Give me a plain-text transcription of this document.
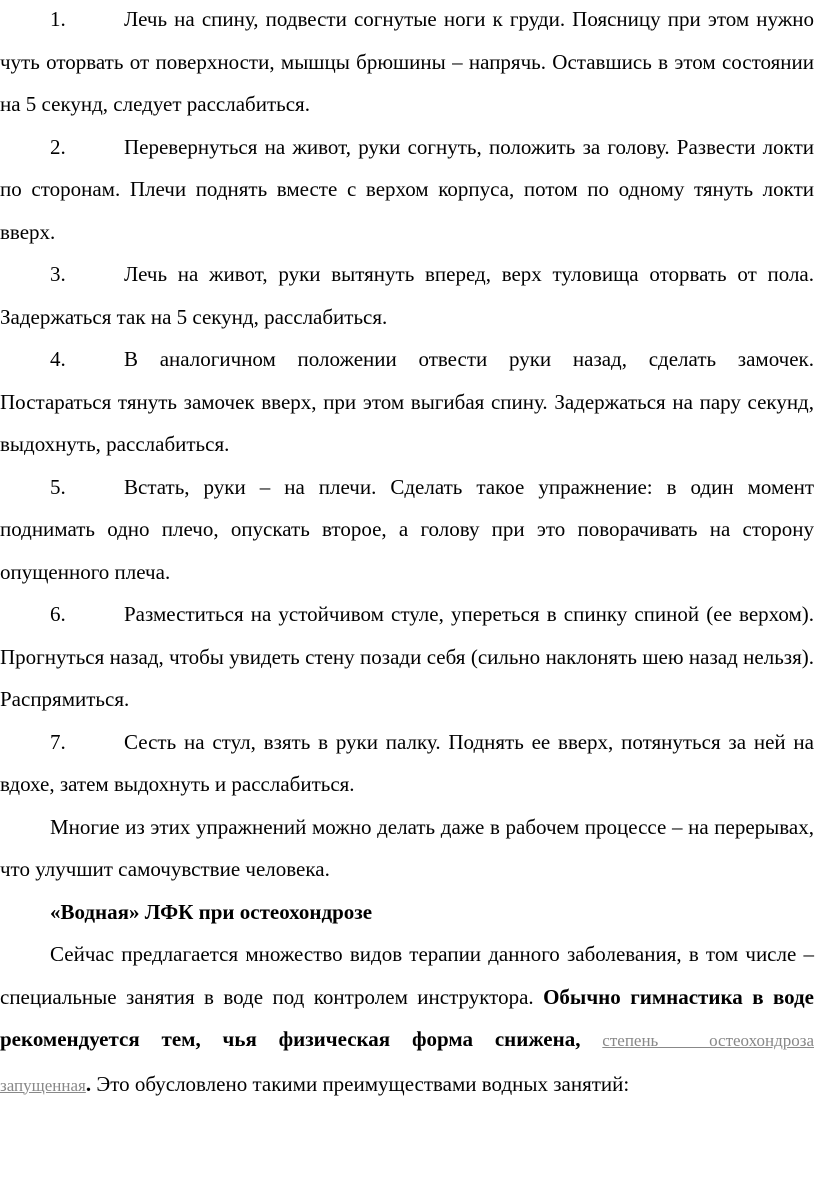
1.	Лечь на спину, подвести согнутые ноги к груди. Поясницу при этом нужно чуть оторвать от поверхности, мышцы брюшины – напрячь. Оставшись в этом состоянии на 5 секунд, следует расслабиться.

2.	Перевернуться на живот, руки согнуть, положить за голову. Развести локти по сторонам. Плечи поднять вместе с верхом корпуса, потом по одному тянуть локти вверх.

3.	Лечь на живот, руки вытянуть вперед, верх туловища оторвать от пола. Задержаться так на 5 секунд, расслабиться.

4.	В аналогичном положении отвести руки назад, сделать замочек. Постараться тянуть замочек вверх, при этом выгибая спину. Задержаться на пару секунд, выдохнуть, расслабиться.

5.	Встать, руки – на плечи. Сделать такое упражнение: в один момент поднимать одно плечо, опускать второе, а голову при это поворачивать на сторону опущенного плеча.

6.	Разместиться на устойчивом стуле, упереться в спинку спиной (ее верхом). Прогнуться назад, чтобы увидеть стену позади себя (сильно наклонять шею назад нельзя). Распрямиться.

7.	Сесть на стул, взять в руки палку. Поднять ее вверх, потянуться за ней на вдохе, затем выдохнуть и расслабиться.

Многие из этих упражнений можно делать даже в рабочем процессе – на перерывах, что улучшит самочувствие человека.

«Водная» ЛФК при остеохондрозе

Сейчас предлагается множество видов терапии данного заболевания, в том числе – специальные занятия в воде под контролем инструктора. Обычно гимнастика в воде рекомендуется тем, чья физическая форма снижена, степень остеохондроза запущенная. Это обусловлено такими преимуществами водных занятий:
